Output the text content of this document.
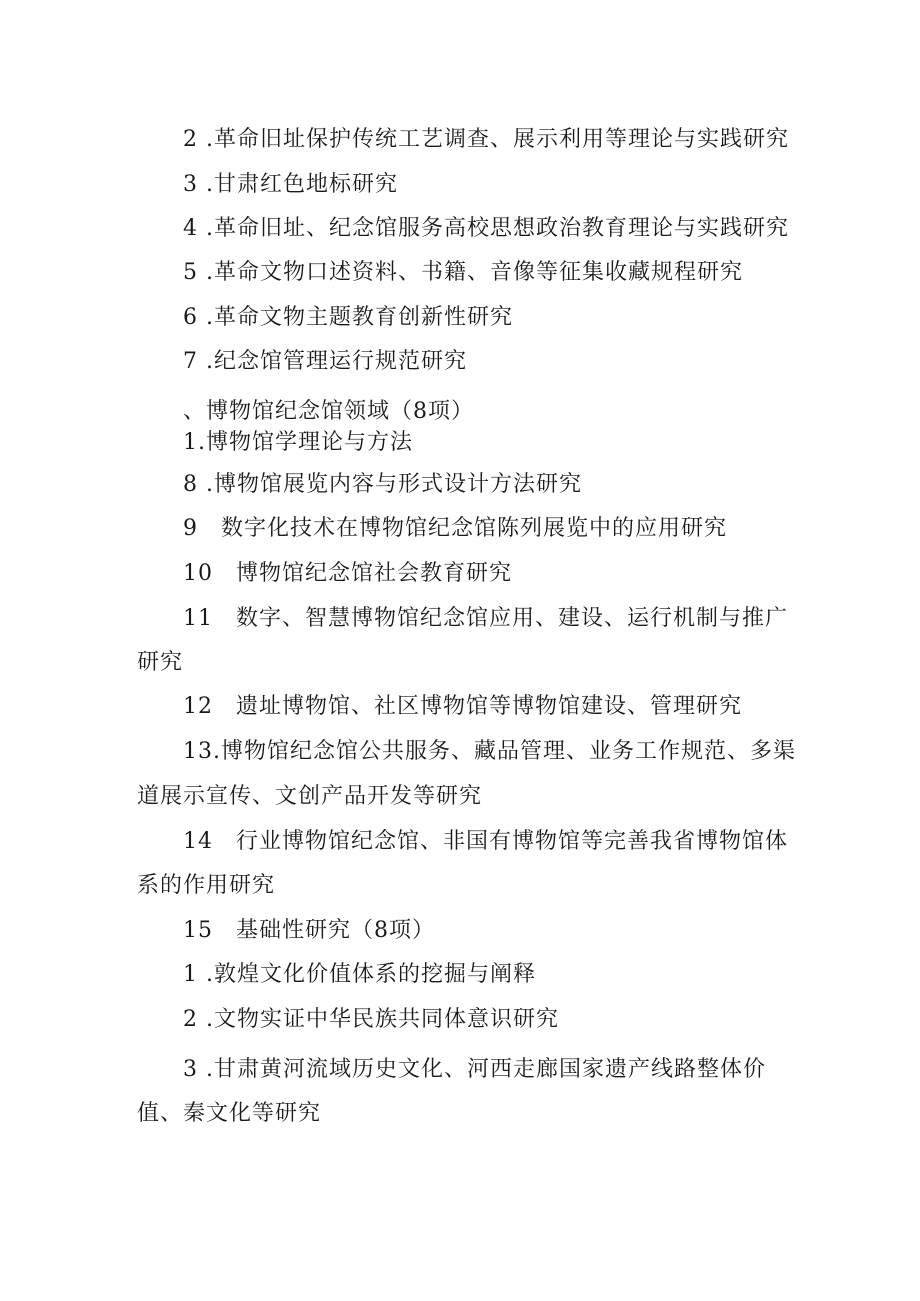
2 .革命旧址保护传统工艺调查、展示利用等理论与实践研究
3 .甘肃红色地标研究
4 .革命旧址、纪念馆服务高校思想政治教育理论与实践研究
5 .革命文物口述资料、书籍、音像等征集收藏规程研究
6 .革命文物主题教育创新性研究
7 .纪念馆管理运行规范研究
、博物馆纪念馆领域（8项）
1.博物馆学理论与方法
8 .博物馆展览内容与形式设计方法研究
9　数字化技术在博物馆纪念馆陈列展览中的应用研究
10　博物馆纪念馆社会教育研究
11　数字、智慧博物馆纪念馆应用、建设、运行机制与推广
研究
12　遗址博物馆、社区博物馆等博物馆建设、管理研究
13.博物馆纪念馆公共服务、藏品管理、业务工作规范、多渠
道展示宣传、文创产品开发等研究
14　行业博物馆纪念馆、非国有博物馆等完善我省博物馆体
系的作用研究
15　基础性研究（8项）
1 .敦煌文化价值体系的挖掘与阐释
2 .文物实证中华民族共同体意识研究
3 .甘肃黄河流域历史文化、河西走廊国家遗产线路整体价
值、秦文化等研究
